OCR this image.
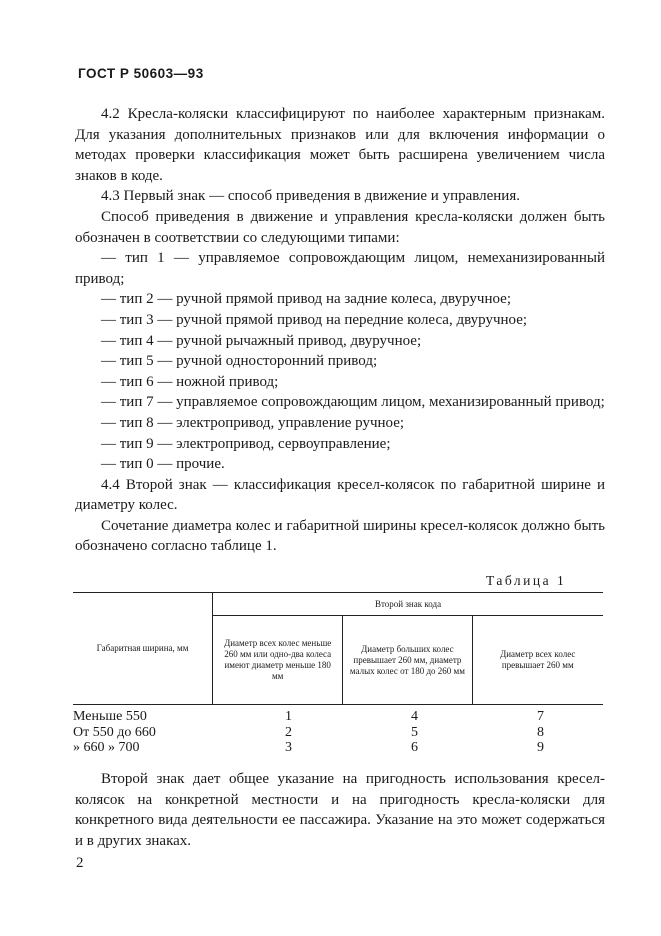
ГОСТ Р 50603—93

4.2 Кресла-коляски классифицируют по наиболее характерным признакам. Для указания дополнительных признаков или для включения информации о методах проверки классификация может быть расширена увеличением числа знаков в коде.

4.3 Первый знак — способ приведения в движение и управления.

Способ приведения в движение и управления кресла-коляски должен быть обозначен в соответствии со следующими типами:

— тип 1 — управляемое сопровождающим лицом, немеханизированный привод;

— тип 2 — ручной прямой привод на задние колеса, двуручное;

— тип 3 — ручной прямой привод на передние колеса, двуручное;

— тип 4 — ручной рычажный привод, двуручное;

— тип 5 — ручной односторонний привод;

— тип 6 — ножной привод;

— тип 7 — управляемое сопровождающим лицом, механизированный привод;

— тип 8 — электропривод, управление ручное;

— тип 9 — электропривод, сервоуправление;

— тип 0 — прочие.

4.4 Второй знак — классификация кресел-колясок по габаритной ширине и диаметру колес.

Сочетание диаметра колес и габаритной ширины кресел-колясок должно быть обозначено согласно таблице 1.

Таблица 1
Габаритная ширина, мм	Второй знак кода		
	Диаметр всех колес меньше 260 мм или одно-два колеса имеют диаметр меньше 180 мм	Диаметр больших колес превышает 260 мм, диаметр малых колес от 180 до 260 мм	Диаметр всех колес превышает 260 мм
Меньше 550	1	4	7
От 550 до 660	2	5	8
» 660 » 700	3	6	9

Второй знак дает общее указание на пригодность использования кресел-колясок на конкретной местности и на пригодность кресла-коляски для конкретного вида деятельности ее пассажира. Указание на это может содержаться и в других знаках.

2
